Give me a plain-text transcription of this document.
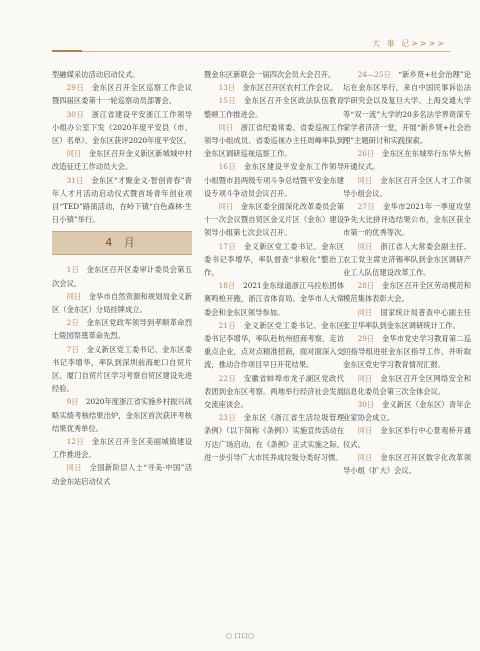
大 事 记>>>>

型融媒采访活动启动仪式。

29日　 金东区召开全区巡察工作会议暨四届区委第十一轮巡察动员部署会。

30日　 浙江省建设平安浙江工作领导小组办公室下发《2020年度平安县（市、区）名单》，金东区获评2020年度平安区。

同日　 金东区召开金义新区新城城中村改造征迁工作动员大会。

31日　 金东区“才聚金义·智创青春”青年人才月活动启动仪式暨首场青年创业项目“TED”路演活动，在岭下镇“白色森林·生日小镇”举行。

4 月

1日　 金东区召开区委审计委员会第五次会议。

同日　 金华市自然资源和规划局金义新区（金东区）分局挂牌成立。

2日　 金东区党政军领导到孝顺革命烈士陵园祭奠革命先烈。

7日　 金义新区党工委书记、金东区委书记李增华，率队到深圳前海蛇口自贸片区、厦门自贸片区学习考察自贸区建设先进经验。

9日　 2020年度浙江省实施乡村振兴战略实绩考核结果出炉，金东区首次获评考核结果优秀单位。

12日　 金东区召开全区美丽城镇建设工作推进会。

同日　 全国新阶层人士“寻美·中国”活动金东站启动仪式

暨金东区新联会一届四次会员大会召开。

13日　 金东区召开区农村工作会议。

15日　 金东区召开全区政法队伍教育整顿工作推进会。

同日　 浙江省纪委常委、省委巡视工作领导小组成员、省委巡视办主任周峰率队到金东区调研巡视巡察工作。

16日　 金东区建设平安金东工作领导小组暨市县两级专项斗争总结暨平安金东建设专项斗争动员会议召开。

同日　 金东区委全面深化改革委员会第十一次会议暨自贸区金义片区（金东）建设领导小组第七次会议召开。

17日　 金义新区党工委书记、金东区委书记李增华，率队督查“非粮化”整治工作。

18日　 2021金东绿道浙江马拉松团体赛鸣枪开跑，浙江省体育局、金华市人大常委会和金东区领导参加。

21日　 金义新区党工委书记、金东区委书记李增华，率队赴杭州招商考察，走访重点企业，点对点精准招商，面对面深入交流，推动合作项目早日开花结果。

22日　 安徽省蚌埠市龙子湖区党政代表团到金东区考察。两地举行经济社会发展交流座谈会。

23日　 金东区《浙江省生活垃圾管理条例》（以下简称《条例》）实施宣传活动在万达广场启动，在《条例》正式实施之际，进一步引导广大市民养成垃圾分类好习惯。

24—25日　 “新乡贤+社会治理”论坛在金东区举行，来自中国民事诉讼法学研究会以及复旦大学、上海交通大学等“双一流”大学的20多名法学界资深专家学者济济一堂，开展“新乡贤+社会治理”主题研讨和实践探索。

26日　 金东区在东城举行东华大桥开通仪式。

同日　 金东区召开全区人才工作领导小组会议。

27日　 金华市2021年一季度攻坚争先大比拼评选结果公布，金东区获全市第一的优秀等次。

同日　 浙江省人大常委会副主任、农工党主席史济锡率队到金东区调研产业工人队伍建设改革工作。

28日　 金东区召开全区劳动模范和模范集体表彰大会。

同日　 国家统计局普查中心副主任张卫华率队到金东区调研统计工作。

29日　 金华市党史学习教育第二巡回指导组进驻金东区指导工作，并听取金东区党史学习教育情况汇报。

同日　 金东区召开全区网络安全和信息化委员会第三次全体会议。

30日　 金义新区（金东区）青年企业家协会成立。

同日　 金东区举行中心景观桥开通仪式。

同日　 金东区召开区数字化改革领导小组（扩大）会议。

○ 口口○
